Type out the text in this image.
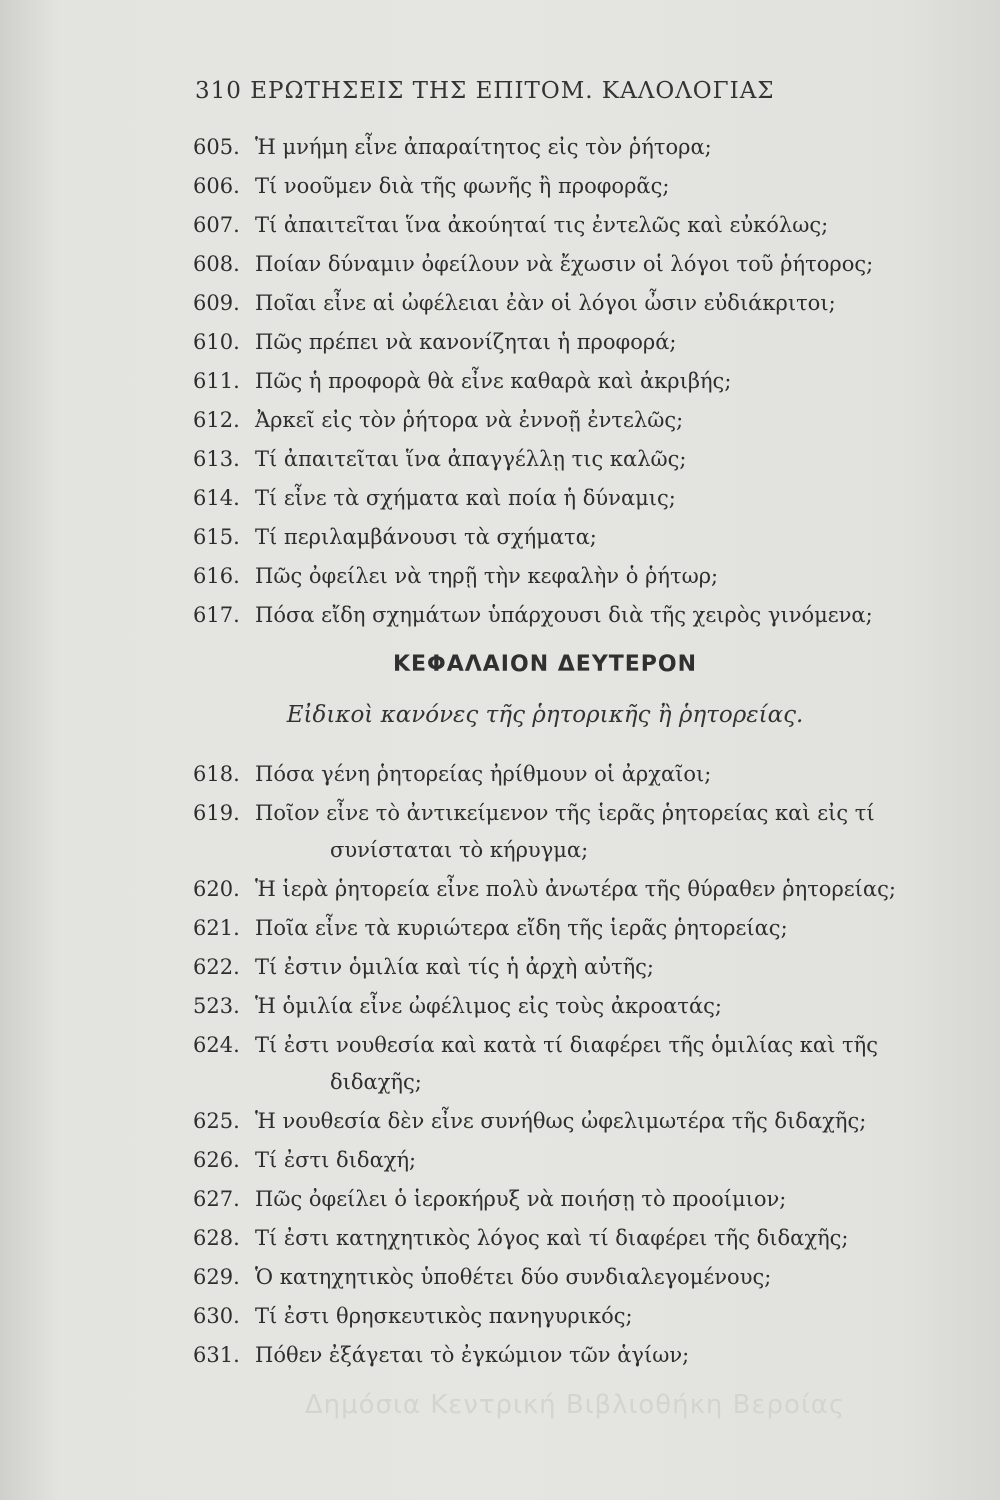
310 ΕΡΩΤΗΣΕΙΣ ΤΗΣ ΕΠΙΤΟΜ. ΚΑΛΟΛΟΓΙΑΣ
605. Ἡ μνήμη εἶνε ἀπαραίτητος εἰς τὸν ῥήτορα;
606. Τί νοοῦμεν διὰ τῆς φωνῆς ἢ προφορᾶς;
607. Τί ἀπαιτεῖται ἵνα ἀκούηταί τις ἐντελῶς καὶ εὐκόλως;
608. Ποίαν δύναμιν ὀφείλουν νὰ ἔχωσιν οἱ λόγοι τοῦ ῥήτορος;
609. Ποῖαι εἶνε αἱ ὠφέλειαι ἐὰν οἱ λόγοι ὦσιν εὐδιάκριτοι;
610. Πῶς πρέπει νὰ κανονίζηται ἡ προφορά;
611. Πῶς ἡ προφορὰ θὰ εἶνε καθαρὰ καὶ ἀκριβής;
612. Ἀρκεῖ εἰς τὸν ῥήτορα νὰ ἐννοῇ ἐντελῶς;
613. Τί ἀπαιτεῖται ἵνα ἀπαγγέλλῃ τις καλῶς;
614. Τί εἶνε τὰ σχήματα καὶ ποία ἡ δύναμις;
615. Τί περιλαμβάνουσι τὰ σχήματα;
616. Πῶς ὀφείλει νὰ τηρῇ τὴν κεφαλὴν ὁ ῥήτωρ;
617. Πόσα εἴδη σχημάτων ὑπάρχουσι διὰ τῆς χειρὸς γινόμενα;
ΚΕΦΑΛΑΙΟΝ ΔΕΥΤΕΡΟΝ
Εἰδικοὶ κανόνες τῆς ῥητορικῆς ἢ ῥητορείας.
618. Πόσα γένη ῥητορείας ἠρίθμουν οἱ ἀρχαῖοι;
619. Ποῖον εἶνε τὸ ἀντικείμενον τῆς ἱερᾶς ῥητορείας καὶ εἰς τί
συνίσταται τὸ κήρυγμα;
620. Ἡ ἱερὰ ῥητορεία εἶνε πολὺ ἀνωτέρα τῆς θύραθεν ῥητορείας;
621. Ποῖα εἶνε τὰ κυριώτερα εἴδη τῆς ἱερᾶς ῥητορείας;
622. Τί ἐστιν ὁμιλία καὶ τίς ἡ ἀρχὴ αὐτῆς;
523. Ἡ ὁμιλία εἶνε ὠφέλιμος εἰς τοὺς ἀκροατάς;
624. Τί ἐστι νουθεσία καὶ κατὰ τί διαφέρει τῆς ὁμιλίας καὶ τῆς
διδαχῆς;
625. Ἡ νουθεσία δὲν εἶνε συνήθως ὠφελιμωτέρα τῆς διδαχῆς;
626. Τί ἐστι διδαχή;
627. Πῶς ὀφείλει ὁ ἱεροκήρυξ νὰ ποιήσῃ τὸ προοίμιον;
628. Τί ἐστι κατηχητικὸς λόγος καὶ τί διαφέρει τῆς διδαχῆς;
629. Ὁ κατηχητικὸς ὑποθέτει δύο συνδιαλεγομένους;
630. Τί ἐστι θρησκευτικὸς πανηγυρικός;
631. Πόθεν ἐξάγεται τὸ ἐγκώμιον τῶν ἁγίων;
Δημόσια Κεντρική Βιβλιοθήκη Βεροίας
